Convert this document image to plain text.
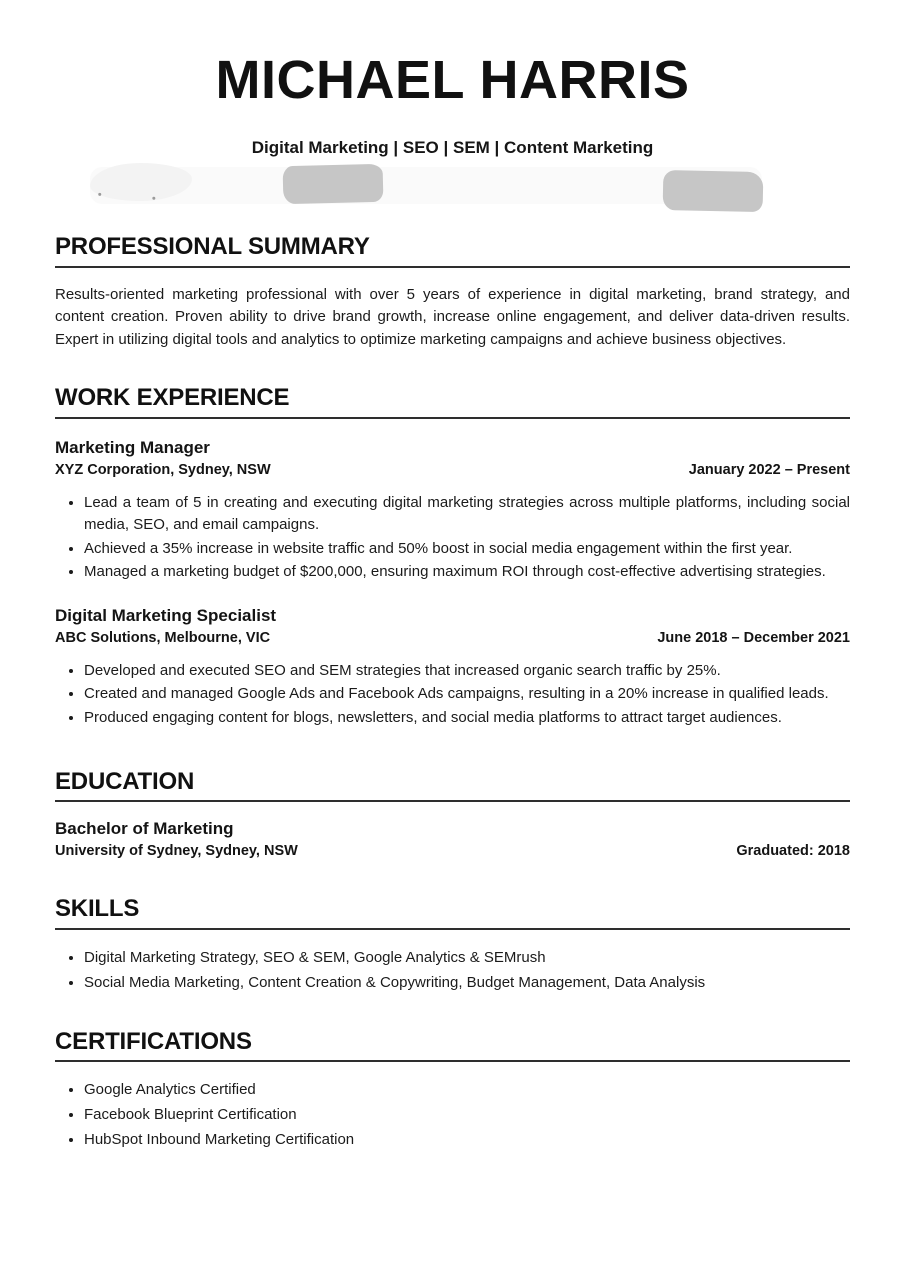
MICHAEL HARRIS
Digital Marketing | SEO | SEM | Content Marketing
PROFESSIONAL SUMMARY

Results-oriented marketing professional with over 5 years of experience in digital marketing, brand strategy, and content creation. Proven ability to drive brand growth, increase online engagement, and deliver data-driven results. Expert in utilizing digital tools and analytics to optimize marketing campaigns and achieve business objectives.

WORK EXPERIENCE
Marketing Manager
XYZ Corporation, Sydney, NSW	January 2022 – Present
• Lead a team of 5 in creating and executing digital marketing strategies across multiple platforms, including social media, SEO, and email campaigns.
• Achieved a 35% increase in website traffic and 50% boost in social media engagement within the first year.
• Managed a marketing budget of $200,000, ensuring maximum ROI through cost-effective advertising strategies.
Digital Marketing Specialist
ABC Solutions, Melbourne, VIC	June 2018 – December 2021
• Developed and executed SEO and SEM strategies that increased organic search traffic by 25%.
• Created and managed Google Ads and Facebook Ads campaigns, resulting in a 20% increase in qualified leads.
• Produced engaging content for blogs, newsletters, and social media platforms to attract target audiences.
EDUCATION
Bachelor of Marketing
University of Sydney, Sydney, NSW	Graduated: 2018
SKILLS
• Digital Marketing Strategy, SEO & SEM, Google Analytics & SEMrush
• Social Media Marketing, Content Creation & Copywriting, Budget Management, Data Analysis
CERTIFICATIONS
• Google Analytics Certified
• Facebook Blueprint Certification
• HubSpot Inbound Marketing Certification
